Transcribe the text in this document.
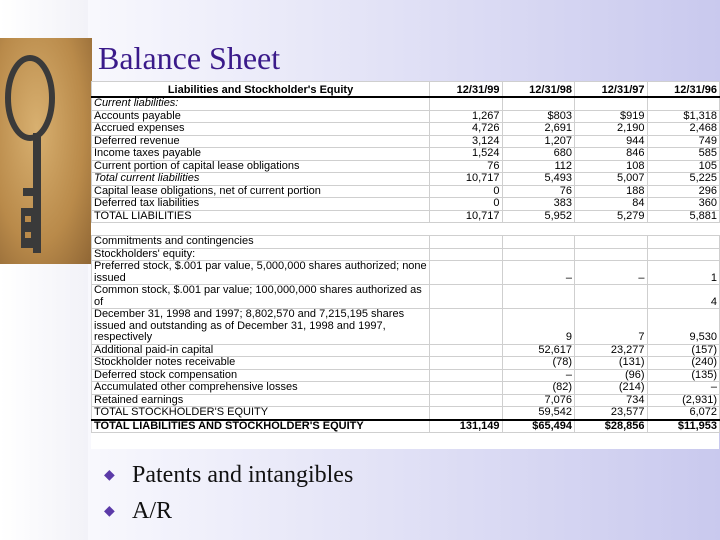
Balance Sheet
Liabilities and Stockholder's Equity	12/31/99	12/31/98	12/31/97	12/31/96
Current liabilities:				
Accounts payable	1,267	$803	$919	$1,318
Accrued expenses	4,726	2,691	2,190	2,468
Deferred revenue	3,124	1,207	944	749
Income taxes payable	1,524	680	846	585
Current portion of capital lease obligations	76	112	108	105
Total current liabilities	10,717	5,493	5,007	5,225
Capital lease obligations, net of current portion	0	76	188	296
Deferred tax liabilities	0	383	84	360
TOTAL LIABILITIES	10,717	5,952	5,279	5,881

Commitments and contingencies				
Stockholders' equity:				
Preferred stock, $.001 par value, 5,000,000 shares authorized; none issued		–	–	1
Common stock, $.001 par value; 100,000,000 shares authorized as of				4
December 31, 1998 and 1997; 8,802,570 and 7,215,195 shares issued and outstanding as of December 31, 1998 and 1997, respectively		9	7	9,530
Additional paid-in capital		52,617	23,277	(157)
Stockholder notes receivable		(78)	(131)	(240)
Deferred stock compensation		–	(96)	(135)
Accumulated other comprehensive losses		(82)	(214)	–
Retained earnings		7,076	734	(2,931)
TOTAL STOCKHOLDER'S EQUITY		59,542	23,577	6,072
TOTAL LIABILITIES AND STOCKHOLDER'S EQUITY	131,149	$65,494	$28,856	$11,953
◆ Patents and intangibles
◆ A/R
